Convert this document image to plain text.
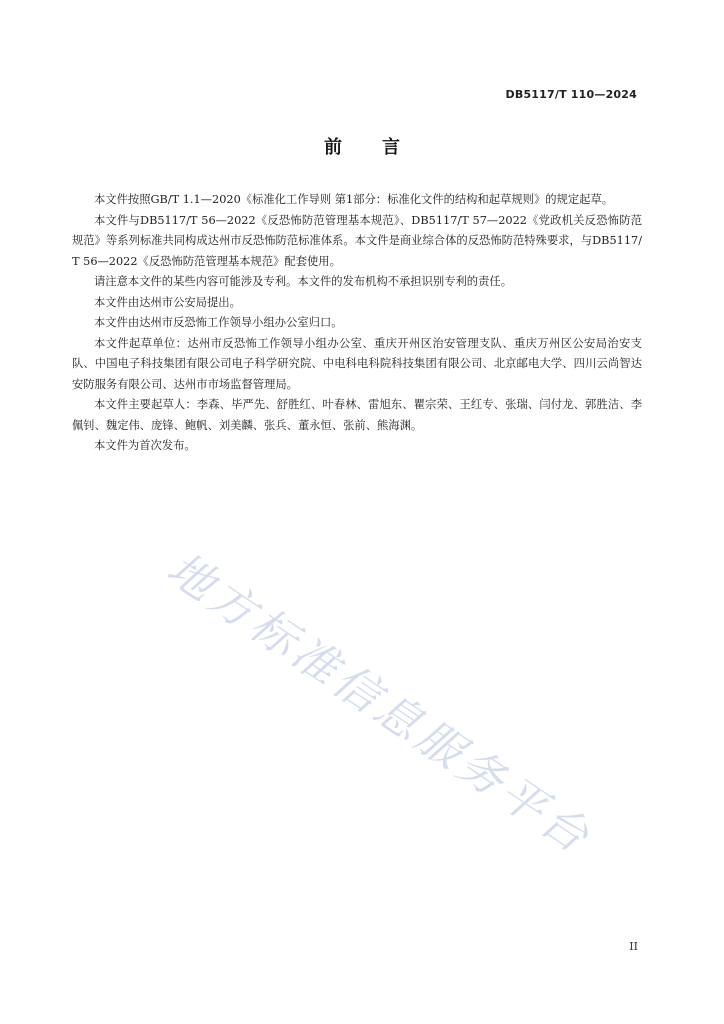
DB5117/T 110—2024
前言

本文件按照GB/T 1.1—2020《标准化工作导则 第1部分：标准化文件的结构和起草规则》的规定起草。

本文件与DB5117/T 56—2022《反恐怖防范管理基本规范》、DB5117/T 57—2022《党政机关反恐怖防范规范》等系列标准共同构成达州市反恐怖防范标准体系。本文件是商业综合体的反恐怖防范特殊要求，与DB5117/T 56—2022《反恐怖防范管理基本规范》配套使用。

请注意本文件的某些内容可能涉及专利。本文件的发布机构不承担识别专利的责任。

本文件由达州市公安局提出。

本文件由达州市反恐怖工作领导小组办公室归口。

本文件起草单位：达州市反恐怖工作领导小组办公室、重庆开州区治安管理支队、重庆万州区公安局治安支队、中国电子科技集团有限公司电子科学研究院、中电科电科院科技集团有限公司、北京邮电大学、四川云尚智达安防服务有限公司、达州市市场监督管理局。

本文件主要起草人：李森、毕严先、舒胜红、叶春林、雷旭东、瞿宗荣、王红专、张瑞、闫付龙、郭胜洁、李佩钊、魏定伟、庞锋、鲍帆、刘美麟、张兵、董永恒、张前、熊海渊。

本文件为首次发布。

地方标准信息服务平台
II
